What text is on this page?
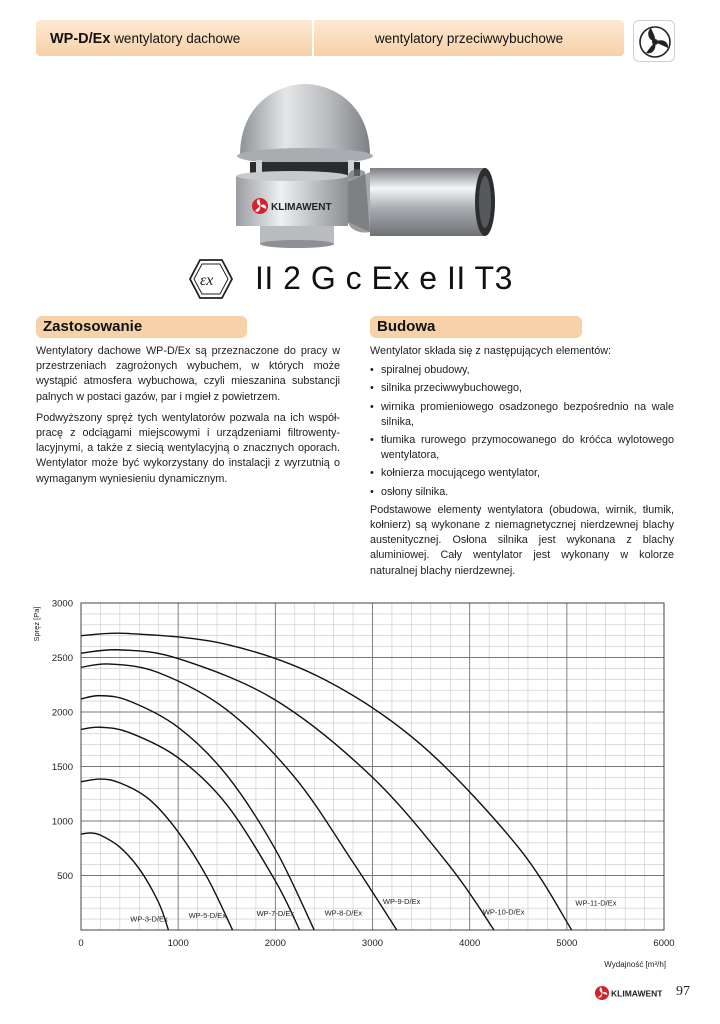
WP-D/Ex wentylatory dachowe	wentylatory przeciwwybuchowe
KLIMAWENT
εx II 2 G c Ex e II T3
Zastosowanie	Budowa

Wentylatory dachowe WP-D/Ex są przeznaczone do pracy w przestrzeniach zagrożonych wybuchem, w których może wystąpić atmosfera wybuchowa, czyli mieszanina substancji palnych w postaci gazów, par i mgieł z powietrzem.

Podwyższony spręż tych wentylatorów pozwala na ich współ- pracę z odciągami miejscowymi i urządzeniami filtrowenty- lacyjnymi, a także z siecią wentylacyjną o znacznych oporach. Wentylator może być wykorzystany do instalacji z wyrzutnią o wymaganym wyniesieniu dynamicznym.

Wentylator składa się z następujących elementów:
• spiralnej obudowy,
• silnika przeciwwybuchowego,
• wirnika promieniowego osadzonego bezpośrednio na wale silnika,
• tłumika rurowego przymocowanego do króćca wylotowego wentylatora,
• kołnierza mocującego wentylator,
• osłony silnika.
Podstawowe elementy wentylatora (obudowa, wirnik, tłumik, kołnierz) są wykonane z niemagnetycznej nierdzewnej blachy austenitycznej. Osłona silnika jest wykonana z blachy aluminiowej. Cały wentylator jest wykonany w kolorze naturalnej blachy nierdzewnej.
0	1000	2000	3000	4000	5000	6000
500
1000
1500
2000
2500
3000
Wydajność [m³/h]
Spręż [Pa]
WP-3-D/Ex	WP-5-D/Ex	WP-7-D/Ex	WP-8-D/Ex
WP-9-D/Ex
WP-10-D/Ex
WP-11-D/Ex
KLIMAWENT 97
